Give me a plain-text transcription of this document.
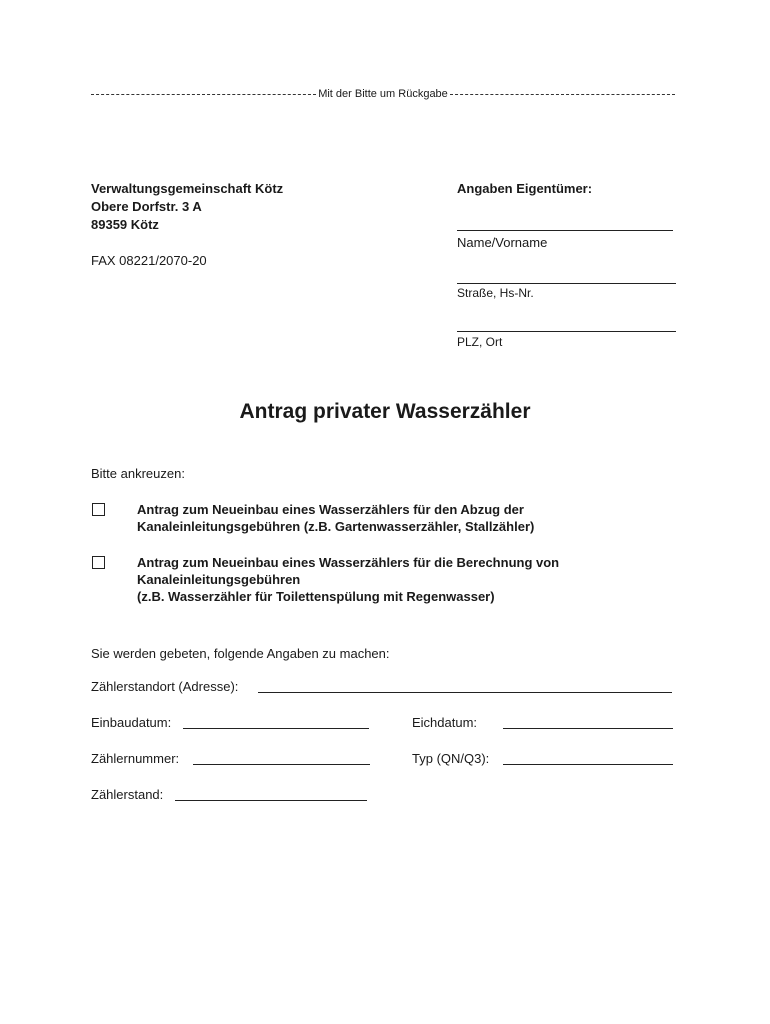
Mit der Bitte um Rückgabe
Verwaltungsgemeinschaft Kötz
Obere Dorfstr. 3 A
89359 Kötz
FAX 08221/2070-20
Angaben Eigentümer:
Name/Vorname
Straße, Hs-Nr.
PLZ, Ort
Antrag privater Wasserzähler
Bitte ankreuzen:
Antrag zum Neueinbau eines Wasserzählers für den Abzug der
Kanaleinleitungsgebühren (z.B. Gartenwasserzähler, Stallzähler)
Antrag zum Neueinbau eines Wasserzählers für die Berechnung von
Kanaleinleitungsgebühren
(z.B. Wasserzähler für Toilettenspülung mit Regenwasser)
Sie werden gebeten, folgende Angaben zu machen:
Zählerstandort (Adresse):
Einbaudatum:	Eichdatum:
Zählernummer:	Typ (QN/Q3):
Zählerstand:
